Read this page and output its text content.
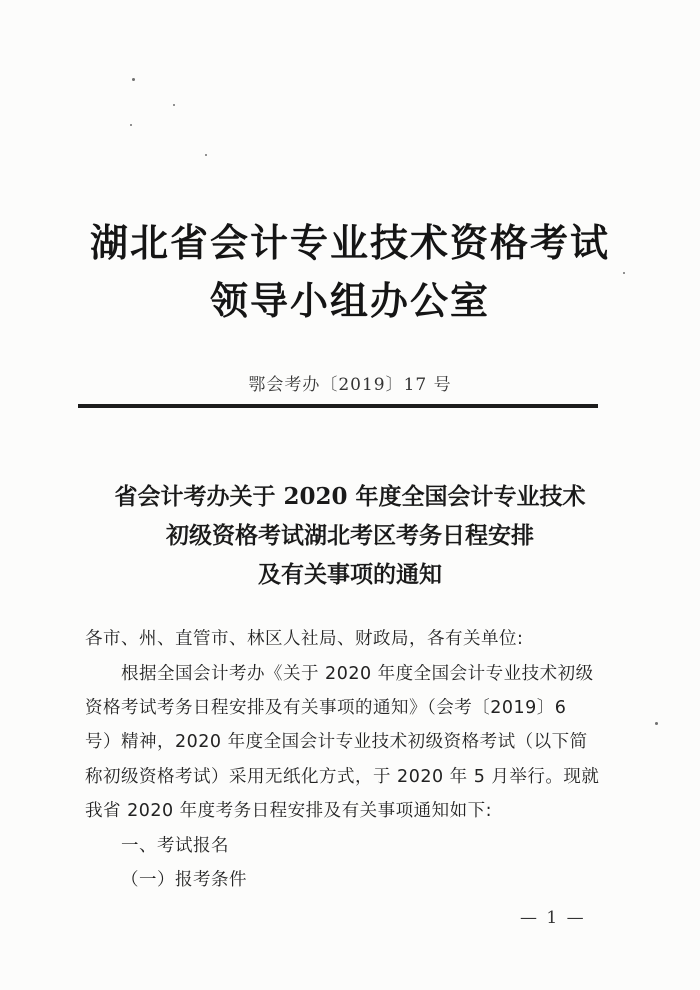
湖北省会计专业技术资格考试
领导小组办公室
鄂会考办〔2019〕17 号
省会计考办关于 2020 年度全国会计专业技术
初级资格考试湖北考区考务日程安排
及有关事项的通知
各市、州、直管市、林区人社局、财政局，各有关单位:
根据全国会计考办《关于 2020 年度全国会计专业技术初级
资格考试考务日程安排及有关事项的通知》（会考〔2019〕6
号）精神，2020 年度全国会计专业技术初级资格考试（以下简
称初级资格考试）采用无纸化方式，于 2020 年 5 月举行。现就
我省 2020 年度考务日程安排及有关事项通知如下:
一、考试报名
（一）报考条件
— 1 —
